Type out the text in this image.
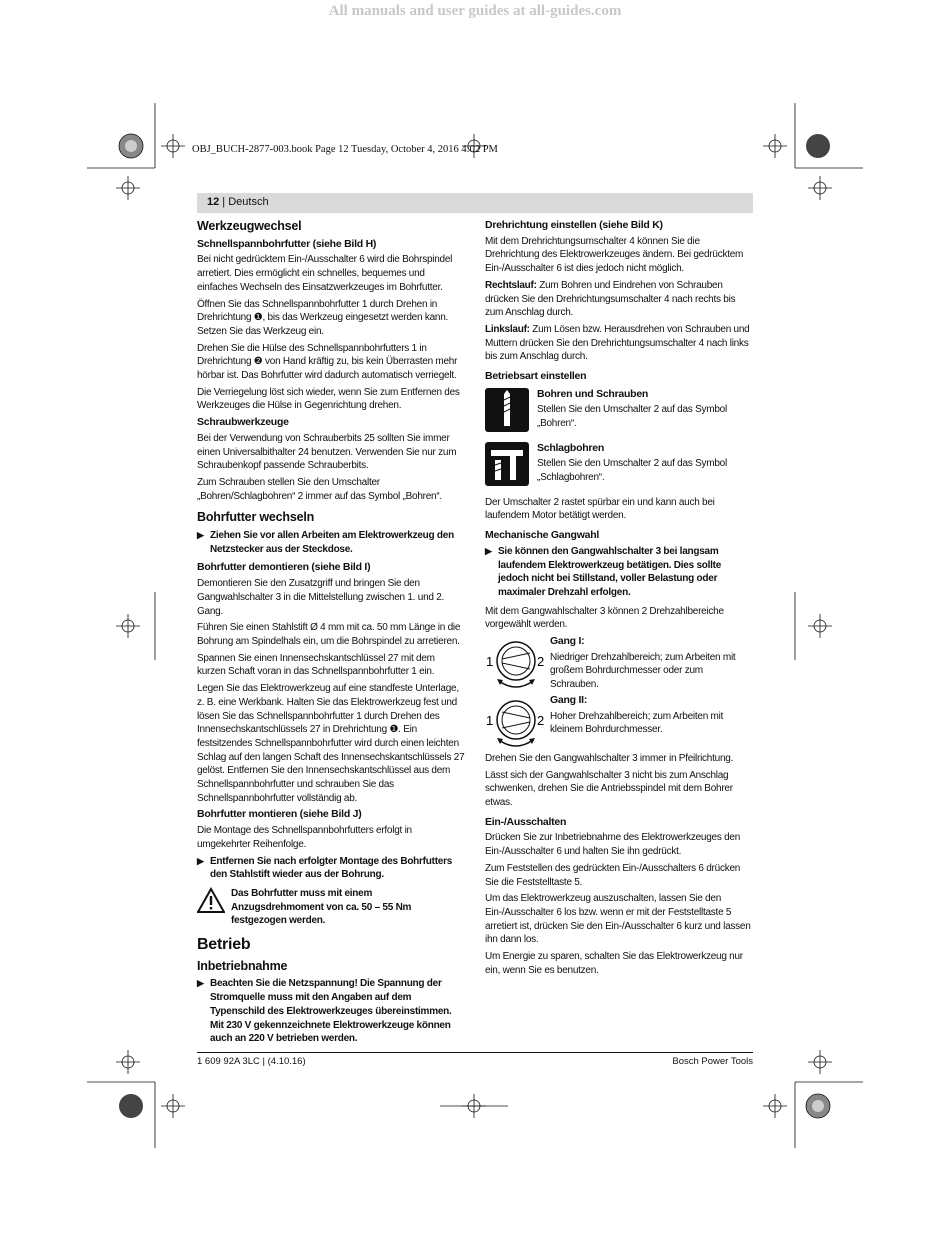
All manuals and user guides at all-guides.com
OBJ_BUCH-2877-003.book Page 12 Tuesday, October 4, 2016 4:02 PM
12 | Deutsch
Werkzeugwechsel
Schnellspannbohrfutter (siehe Bild H)

Bei nicht gedrücktem Ein-/Ausschalter 6 wird die Bohrspindel arretiert. Dies ermöglicht ein schnelles, bequemes und einfaches Wechseln des Einsatzwerkzeuges im Bohrfutter.

Öffnen Sie das Schnellspannbohrfutter 1 durch Drehen in Drehrichtung ❶, bis das Werkzeug eingesetzt werden kann. Setzen Sie das Werkzeug ein.

Drehen Sie die Hülse des Schnellspannbohrfutters 1 in Drehrichtung ❷ von Hand kräftig zu, bis kein Überrasten mehr hörbar ist. Das Bohrfutter wird dadurch automatisch verriegelt.

Die Verriegelung löst sich wieder, wenn Sie zum Entfernen des Werkzeuges die Hülse in Gegenrichtung drehen.

Schraubwerkzeuge

Bei der Verwendung von Schrauberbits 25 sollten Sie immer einen Universalbithalter 24 benutzen. Verwenden Sie nur zum Schraubenkopf passende Schrauberbits.

Zum Schrauben stellen Sie den Umschalter „Bohren/Schlagbohren“ 2 immer auf das Symbol „Bohren“.

Bohrfutter wechseln
▶ Ziehen Sie vor allen Arbeiten am Elektrowerkzeug den Netzstecker aus der Steckdose.
Bohrfutter demontieren (siehe Bild I)

Demontieren Sie den Zusatzgriff und bringen Sie den Gangwahlschalter 3 in die Mittelstellung zwischen 1. und 2. Gang.

Führen Sie einen Stahlstift Ø 4 mm mit ca. 50 mm Länge in die Bohrung am Spindelhals ein, um die Bohrspindel zu arretieren.

Spannen Sie einen Innensechskantschlüssel 27 mit dem kurzen Schaft voran in das Schnellspannbohrfutter 1 ein.

Legen Sie das Elektrowerkzeug auf eine standfeste Unterlage, z. B. eine Werkbank. Halten Sie das Elektrowerkzeug fest und lösen Sie das Schnellspannbohrfutter 1 durch Drehen des Innensechskantschlüssels 27 in Drehrichtung ❶. Ein festsitzendes Schnellspannbohrfutter wird durch einen leichten Schlag auf den langen Schaft des Innensechskantschlüssels 27 gelöst. Entfernen Sie den Innensechskantschlüssel aus dem Schnellspannbohrfutter und schrauben Sie das Schnellspannbohrfutter vollständig ab.

Bohrfutter montieren (siehe Bild J)

Die Montage des Schnellspannbohrfutters erfolgt in umgekehrter Reihenfolge.

▶ Entfernen Sie nach erfolgter Montage des Bohrfutters den Stahlstift wieder aus der Bohrung.
Das Bohrfutter muss mit einem Anzugsdrehmoment von ca. 50 – 55 Nm festgezogen werden.
Betrieb
Inbetriebnahme
▶ Beachten Sie die Netzspannung! Die Spannung der Stromquelle muss mit den Angaben auf dem Typenschild des Elektrowerkzeuges übereinstimmen. Mit 230 V gekennzeichnete Elektrowerkzeuge können auch an 220 V betrieben werden.
Drehrichtung einstellen (siehe Bild K)

Mit dem Drehrichtungsumschalter 4 können Sie die Drehrichtung des Elektrowerkzeuges ändern. Bei gedrücktem Ein-/Ausschalter 6 ist dies jedoch nicht möglich.

Rechtslauf: Zum Bohren und Eindrehen von Schrauben drücken Sie den Drehrichtungsumschalter 4 nach rechts bis zum Anschlag durch.

Linkslauf: Zum Lösen bzw. Herausdrehen von Schrauben und Muttern drücken Sie den Drehrichtungsumschalter 4 nach links bis zum Anschlag durch.

Betriebsart einstellen
Bohren und Schrauben
Stellen Sie den Umschalter 2 auf das Symbol „Bohren“.
Schlagbohren
Stellen Sie den Umschalter 2 auf das Symbol „Schlagbohren“.

Der Umschalter 2 rastet spürbar ein und kann auch bei laufendem Motor betätigt werden.

Mechanische Gangwahl
▶ Sie können den Gangwahlschalter 3 bei langsam laufendem Elektrowerkzeug betätigen. Dies sollte jedoch nicht bei Stillstand, voller Belastung oder maximaler Drehzahl erfolgen.

Mit dem Gangwahlschalter 3 können 2 Drehzahlbereiche vorgewählt werden.

1	2
Gang I:
Niedriger Drehzahlbereich; zum Arbeiten mit großem Bohrdurchmesser oder zum Schrauben.
1	2
Gang II:
Hoher Drehzahlbereich; zum Arbeiten mit kleinem Bohrdurchmesser.

Drehen Sie den Gangwahlschalter 3 immer in Pfeilrichtung.

Lässt sich der Gangwahlschalter 3 nicht bis zum Anschlag schwenken, drehen Sie die Antriebsspindel mit dem Bohrer etwas.

Ein-/Ausschalten

Drücken Sie zur Inbetriebnahme des Elektrowerkzeuges den Ein-/Ausschalter 6 und halten Sie ihn gedrückt.

Zum Feststellen des gedrückten Ein-/Ausschalters 6 drücken Sie die Feststelltaste 5.

Um das Elektrowerkzeug auszuschalten, lassen Sie den Ein-/Ausschalter 6 los bzw. wenn er mit der Feststelltaste 5 arretiert ist, drücken Sie den Ein-/Ausschalter 6 kurz und lassen ihn dann los.

Um Energie zu sparen, schalten Sie das Elektrowerkzeug nur ein, wenn Sie es benutzen.

1 609 92A 3LC | (4.10.16)	Bosch Power Tools
